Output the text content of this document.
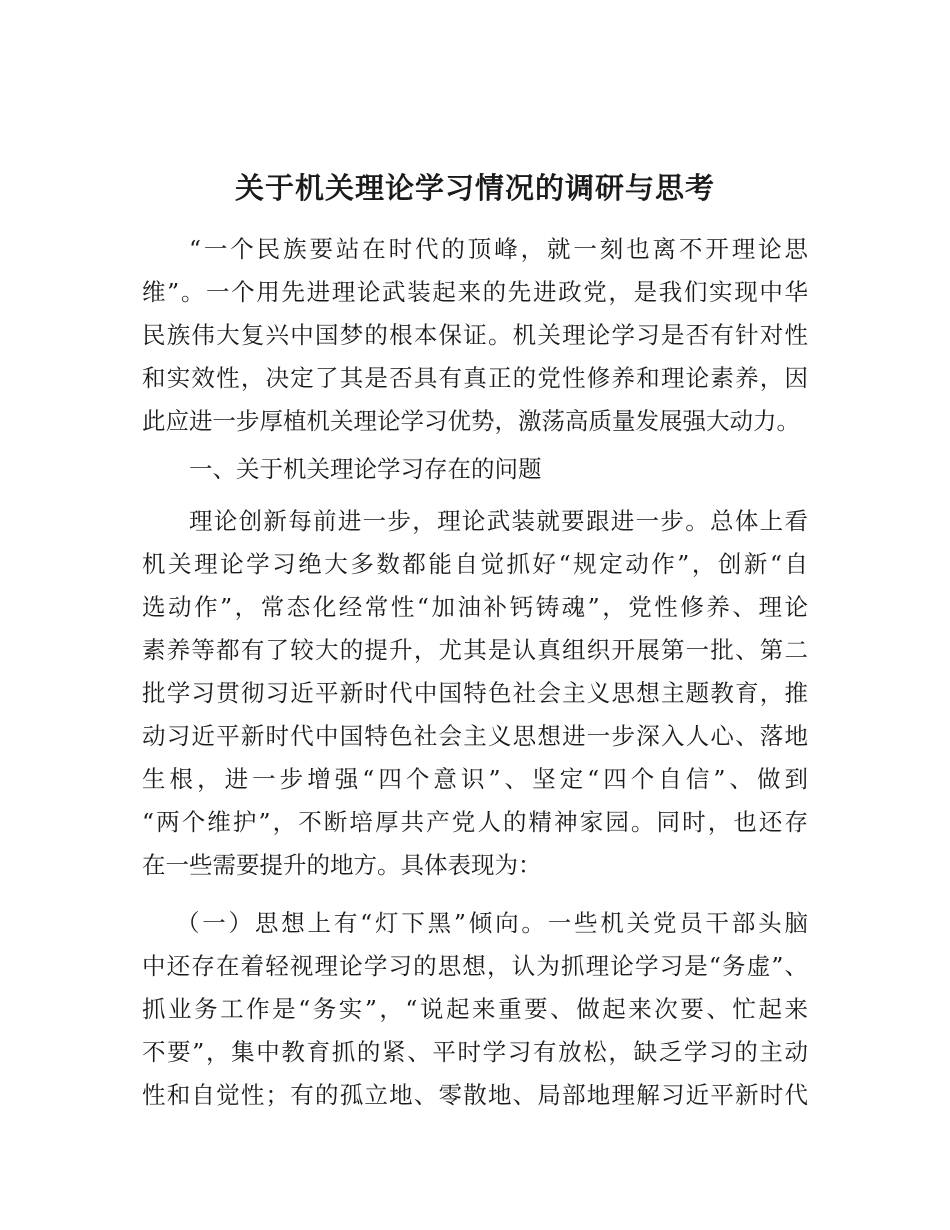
关于机关理论学习情况的调研与思考

“一个民族要站在时代的顶峰，就一刻也离不开理论思
维”。一个用先进理论武装起来的先进政党，是我们实现中华
民族伟大复兴中国梦的根本保证。机关理论学习是否有针对性
和实效性，决定了其是否具有真正的党性修养和理论素养，因
此应进一步厚植机关理论学习优势，激荡高质量发展强大动力。

一、关于机关理论学习存在的问题

理论创新每前进一步，理论武装就要跟进一步。总体上看
机关理论学习绝大多数都能自觉抓好“规定动作”，创新“自
选动作”，常态化经常性“加油补钙铸魂”，党性修养、理论
素养等都有了较大的提升，尤其是认真组织开展第一批、第二
批学习贯彻习近平新时代中国特色社会主义思想主题教育，推
动习近平新时代中国特色社会主义思想进一步深入人心、落地
生根，进一步增强“四个意识”、坚定“四个自信”、做到
“两个维护”，不断培厚共产党人的精神家园。同时，也还存
在一些需要提升的地方。具体表现为：

（一）思想上有“灯下黑”倾向。一些机关党员干部头脑
中还存在着轻视理论学习的思想，认为抓理论学习是“务虚”、
抓业务工作是“务实”，“说起来重要、做起来次要、忙起来
不要”，集中教育抓的紧、平时学习有放松，缺乏学习的主动
性和自觉性；有的孤立地、零散地、局部地理解习近平新时代
